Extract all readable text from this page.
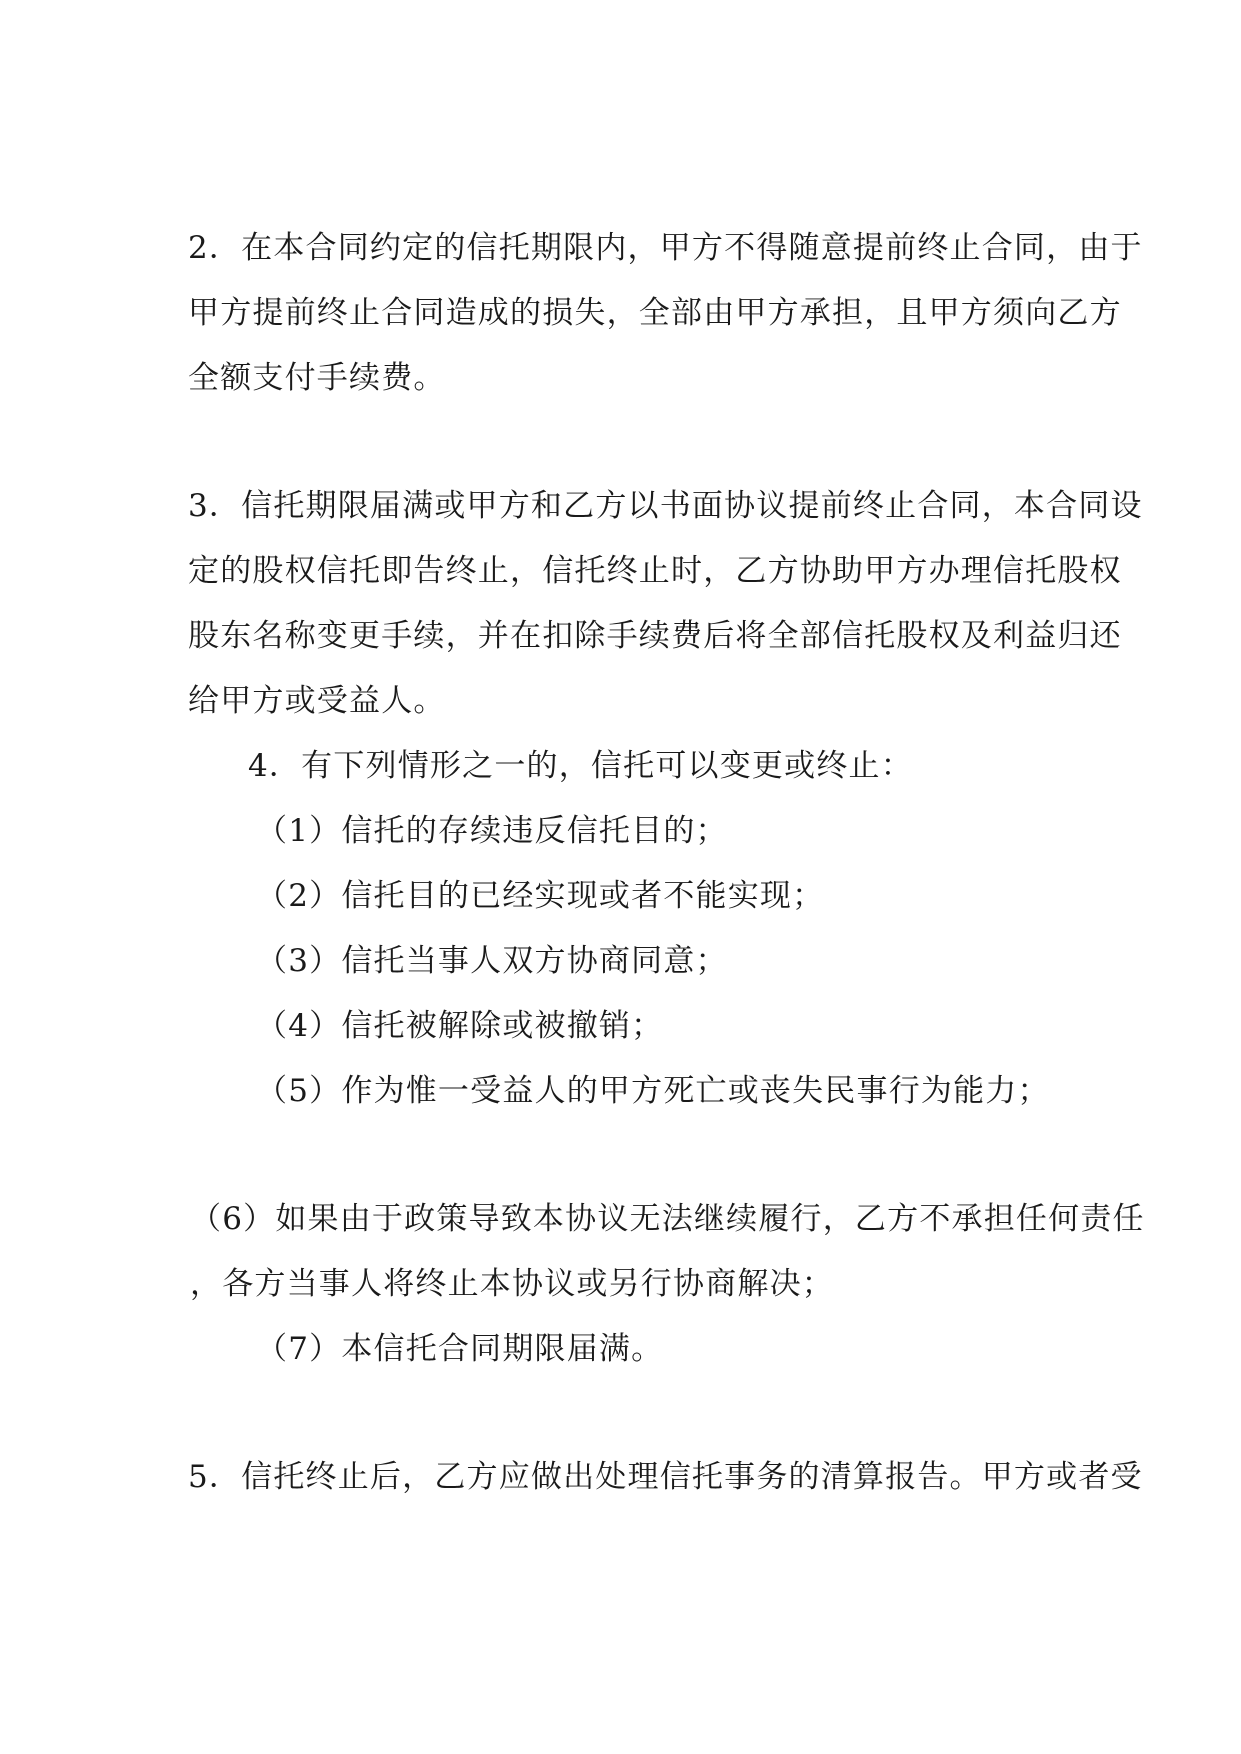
2．在本合同约定的信托期限内，甲方不得随意提前终止合同，由于
甲方提前终止合同造成的损失，全部由甲方承担，且甲方须向乙方
全额支付手续费。
3．信托期限届满或甲方和乙方以书面协议提前终止合同，本合同设
定的股权信托即告终止，信托终止时，乙方协助甲方办理信托股权
股东名称变更手续，并在扣除手续费后将全部信托股权及利益归还
给甲方或受益人。
4．有下列情形之一的，信托可以变更或终止：
（1）信托的存续违反信托目的；
（2）信托目的已经实现或者不能实现；
（3）信托当事人双方协商同意；
（4）信托被解除或被撤销；
（5）作为惟一受益人的甲方死亡或丧失民事行为能力；
（6）如果由于政策导致本协议无法继续履行，乙方不承担任何责任
，各方当事人将终止本协议或另行协商解决；
（7）本信托合同期限届满。
5．信托终止后，乙方应做出处理信托事务的清算报告。甲方或者受
